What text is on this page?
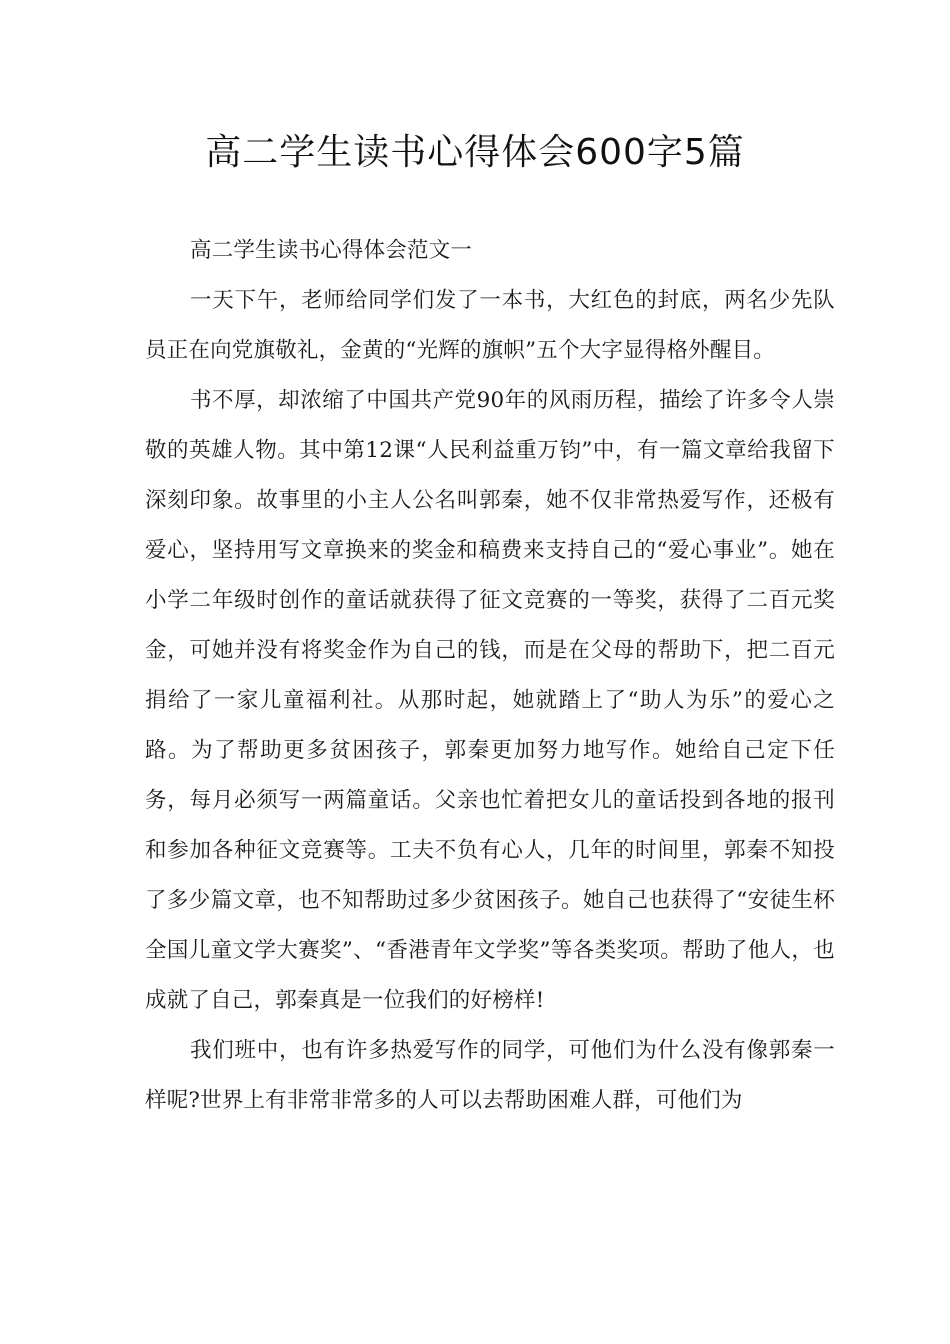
高二学生读书心得体会600字5篇

高二学生读书心得体会范文一

一天下午，老师给同学们发了一本书，大红色的封底，两名少先队员正在向党旗敬礼，金黄的“光辉的旗帜”五个大字显得格外醒目。

书不厚，却浓缩了中国共产党90年的风雨历程，描绘了许多令人崇敬的英雄人物。其中第12课“人民利益重万钧”中，有一篇文章给我留下深刻印象。故事里的小主人公名叫郭秦，她不仅非常热爱写作，还极有爱心，坚持用写文章换来的奖金和稿费来支持自己的“爱心事业”。她在小学二年级时创作的童话就获得了征文竞赛的一等奖，获得了二百元奖金，可她并没有将奖金作为自己的钱，而是在父母的帮助下，把二百元捐给了一家儿童福利社。从那时起，她就踏上了“助人为乐”的爱心之路。为了帮助更多贫困孩子，郭秦更加努力地写作。她给自己定下任务，每月必须写一两篇童话。父亲也忙着把女儿的童话投到各地的报刊和参加各种征文竞赛等。工夫不负有心人，几年的时间里，郭秦不知投了多少篇文章，也不知帮助过多少贫困孩子。她自己也获得了“安徒生杯全国儿童文学大赛奖”、“香港青年文学奖”等各类奖项。帮助了他人，也成就了自己，郭秦真是一位我们的好榜样!

我们班中，也有许多热爱写作的同学，可他们为什么没有像郭秦一样呢?世界上有非常非常多的人可以去帮助困难人群，可他们为
